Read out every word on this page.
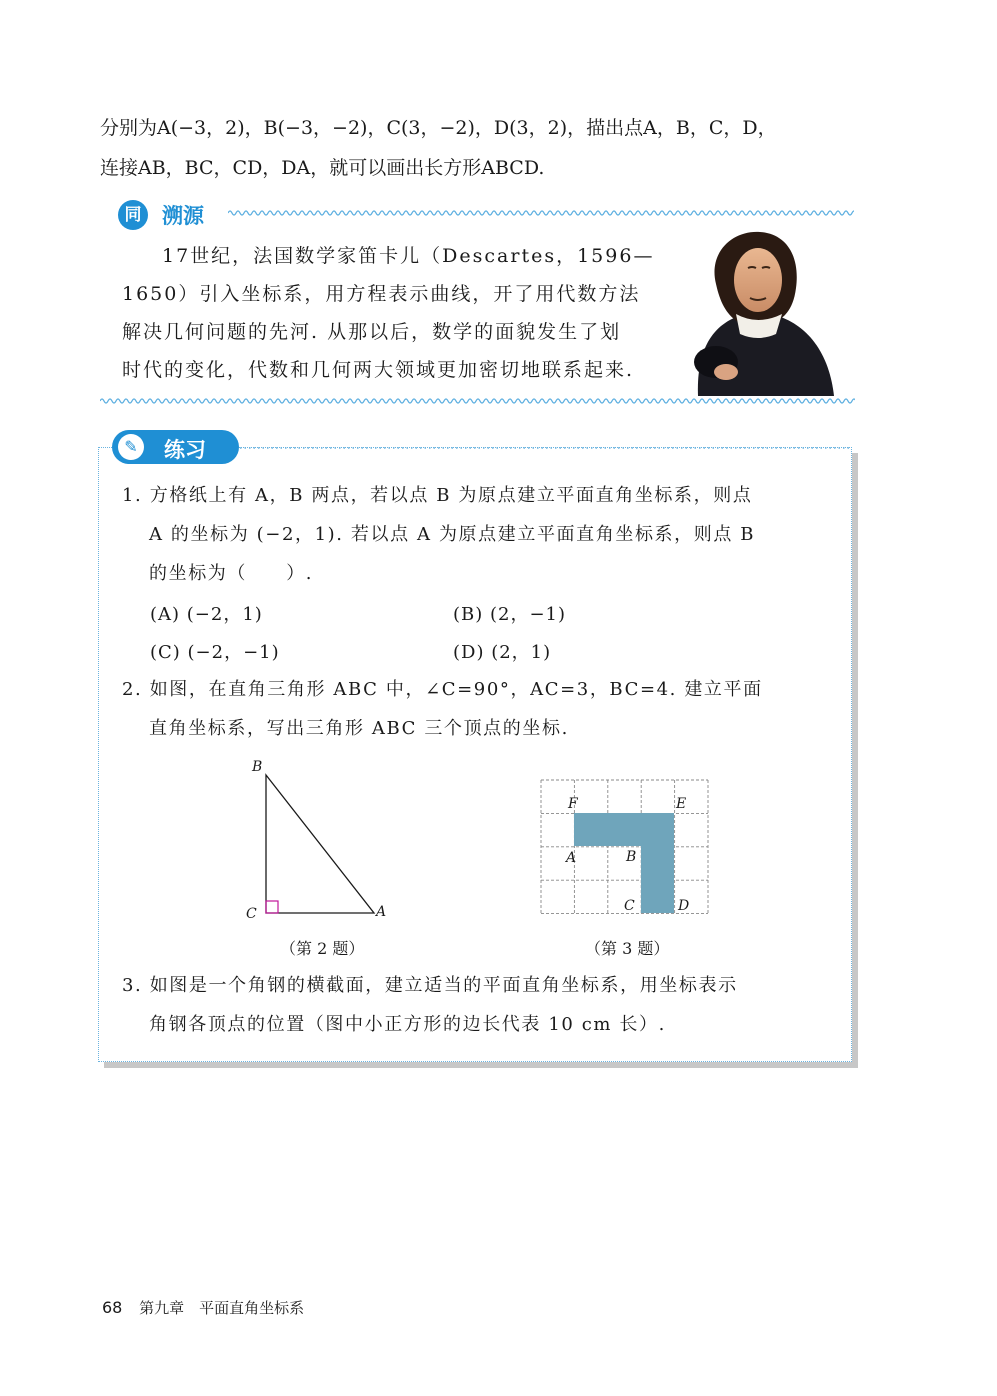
分别为A(−3，2)，B(−3，−2)，C(3，−2)，D(3，2)，描出点A，B，C，D，

连接AB，BC，CD，DA，就可以画出长方形ABCD.

同 溯源

17世纪，法国数学家笛卡儿（Descartes，1596—

1650）引入坐标系，用方程表示曲线，开了用代数方法

解决几何问题的先河. 从那以后，数学的面貌发生了划

时代的变化，代数和几何两大领域更加密切地联系起来.

✎ 练习

1. 方格纸上有 A，B 两点，若以点 B 为原点建立平面直角坐标系，则点

A 的坐标为 (−2，1). 若以点 A 为原点建立平面直角坐标系，则点 B

的坐标为（　　）.

(A) (−2，1)	(B) (2，−1)
(C) (−2，−1)	(D) (2，1)

2. 如图，在直角三角形 ABC 中，∠C=90°，AC=3，BC=4. 建立平面

直角坐标系，写出三角形 ABC 三个顶点的坐标.

B
C	A
（第 2 题）
F	E
A	B
C	D
（第 3 题）

3. 如图是一个角钢的横截面，建立适当的平面直角坐标系，用坐标表示

角钢各顶点的位置（图中小正方形的边长代表 10 cm 长）.

68 第九章　平面直角坐标系
